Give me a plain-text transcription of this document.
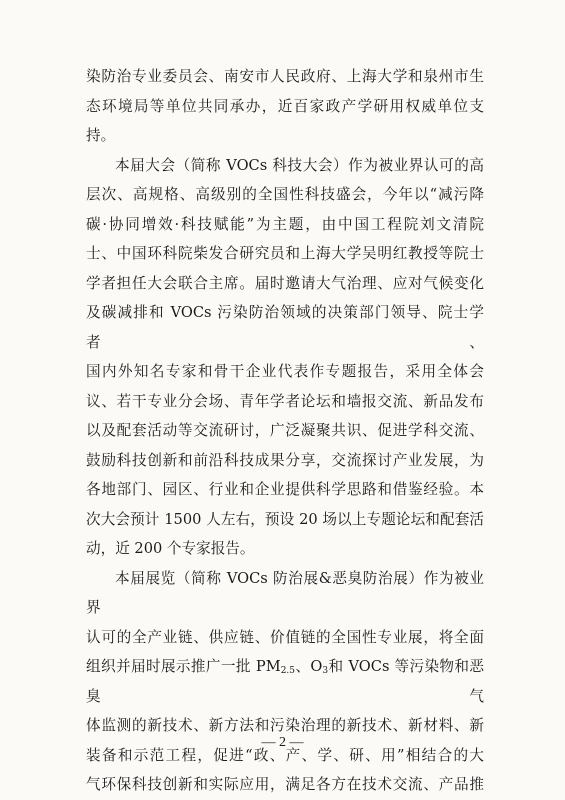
染防治专业委员会、南安市人民政府、上海大学和泉州市生

态环境局等单位共同承办，近百家政产学研用权威单位支

持。

本届大会（简称 VOCs 科技大会）作为被业界认可的高

层次、高规格、高级别的全国性科技盛会，今年以“减污降

碳·协同增效·科技赋能”为主题，由中国工程院刘文清院

士、中国环科院柴发合研究员和上海大学吴明红教授等院士

学者担任大会联合主席。届时邀请大气治理、应对气候变化

及碳减排和 VOCs 污染防治领域的决策部门领导、院士学者、

国内外知名专家和骨干企业代表作专题报告，采用全体会

议、若干专业分会场、青年学者论坛和墙报交流、新品发布

以及配套活动等交流研讨，广泛凝聚共识、促进学科交流、

鼓励科技创新和前沿科技成果分享，交流探讨产业发展，为

各地部门、园区、行业和企业提供科学思路和借鉴经验。本

次大会预计 1500 人左右，预设 20 场以上专题论坛和配套活

动，近 200 个专家报告。

本届展览（简称 VOCs 防治展&恶臭防治展）作为被业界

认可的全产业链、供应链、价值链的全国性专业展，将全面

组织并届时展示推广一批 $PM_{2.5}$、$O_3$和 VOCs 等污染物和恶臭气

体监测的新技术、新方法和污染治理的新技术、新材料、新

装备和示范工程，促进“政、产、学、研、用”相结合的大

气环保科技创新和实际应用，满足各方在技术交流、产品推

— 2 —
